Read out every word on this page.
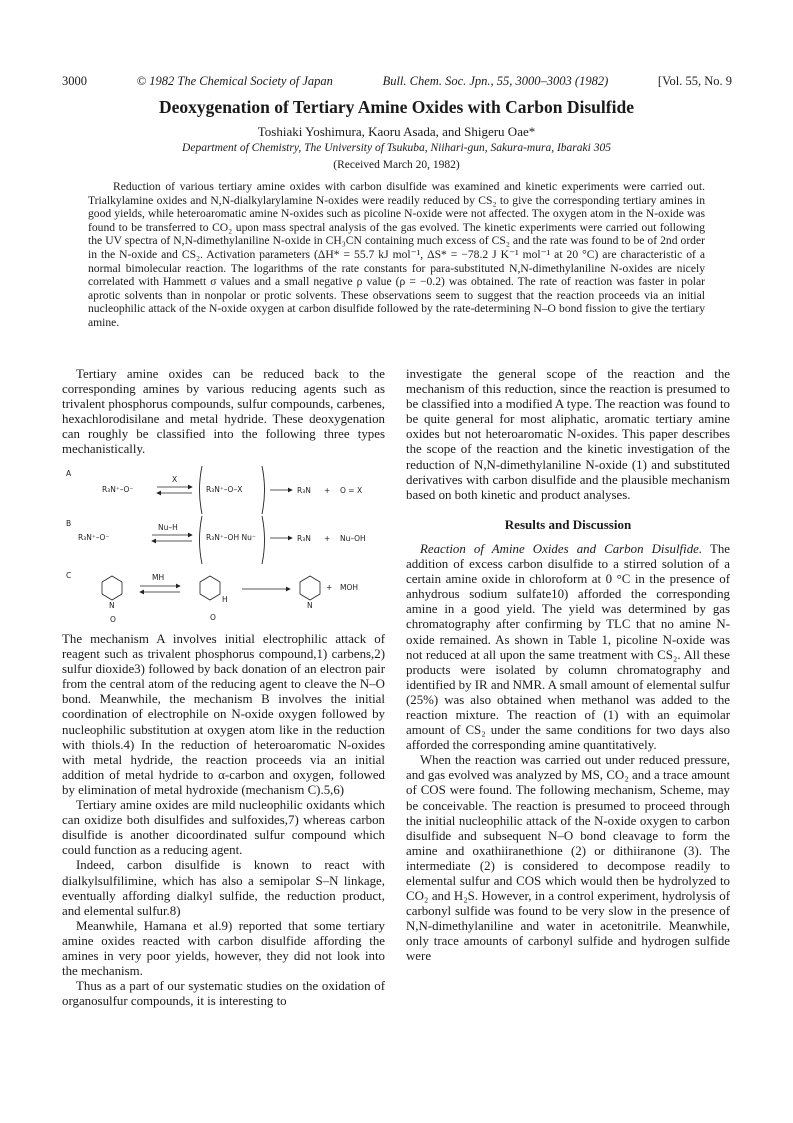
3000	© 1982 The Chemical Society of Japan	Bull. Chem. Soc. Jpn., 55, 3000–3003 (1982)	[Vol. 55, No. 9
Deoxygenation of Tertiary Amine Oxides with Carbon Disulfide
Toshiaki Yoshimura, Kaoru Asada, and Shigeru Oae*
Department of Chemistry, The University of Tsukuba, Niihari-gun, Sakura-mura, Ibaraki 305
(Received March 20, 1982)
Reduction of various tertiary amine oxides with carbon disulfide was examined and kinetic experiments were carried out. Trialkylamine oxides and N,N-dialkylarylamine N-oxides were readily reduced by CS₂ to give the corresponding tertiary amines in good yields, while heteroaromatic amine N-oxides such as picoline N-oxide were not affected. The oxygen atom in the N-oxide was found to be transferred to CO₂ upon mass spectral analysis of the gas evolved. The kinetic experiments were carried out following the UV spectra of N,N-dimethylaniline N-oxide in CH₃CN containing much excess of CS₂ and the rate was found to be of 2nd order in the N-oxide and CS₂. Activation parameters (ΔH* = 55.7 kJ mol⁻¹, ΔS* = −78.2 J K⁻¹ mol⁻¹ at 20 °C) are characteristic of a normal bimolecular reaction. The logarithms of the rate constants for para-substituted N,N-dimethylaniline N-oxides are nicely correlated with Hammett σ values and a small negative ρ value (ρ = −0.2) was obtained. The rate of reaction was faster in polar aprotic solvents than in nonpolar or protic solvents. These observations seem to suggest that the reaction proceeds via an initial nucleophilic attack of the N-oxide oxygen at carbon disulfide followed by the rate-determining N–O bond fission to give the tertiary amine.

Tertiary amine oxides can be reduced back to the corresponding amines by various reducing agents such as trivalent phosphorus compounds, sulfur compounds, carbenes, hexachlorodisilane and metal hydride. These deoxygenation can roughly be classified into the following three types mechanistically.

A
R₃N⁺–O⁻
X
R₃N⁺–O–X	R₃N + O = X
B
R₃N⁺–O⁻
Nu–H
R₃N⁺–OH Nu⁻	R₃N + Nu–OH
C
N
O
MH
H
O
N
+ MOH

The mechanism A involves initial electrophilic attack of reagent such as trivalent phosphorus compound,1) carbens,2) sulfur dioxide3) followed by back donation of an electron pair from the central atom of the reducing agent to cleave the N–O bond. Meanwhile, the mechanism B involves the initial coordination of electrophile on N-oxide oxygen followed by nucleophilic substitution at oxygen atom like in the reduction with thiols.4) In the reduction of heteroaromatic N-oxides with metal hydride, the reaction proceeds via an initial addition of metal hydride to α-carbon and oxygen, followed by elimination of metal hydroxide (mechanism C).5,6)

Tertiary amine oxides are mild nucleophilic oxidants which can oxidize both disulfides and sulfoxides,7) whereas carbon disulfide is another dicoordinated sulfur compound which could function as a reducing agent.

Indeed, carbon disulfide is known to react with dialkylsulfilimine, which has also a semipolar S–N linkage, eventually affording dialkyl sulfide, the reduction product, and elemental sulfur.8)

Meanwhile, Hamana et al.9) reported that some tertiary amine oxides reacted with carbon disulfide affording the amines in very poor yields, however, they did not look into the mechanism.

Thus as a part of our systematic studies on the oxidation of organosulfur compounds, it is interesting to

investigate the general scope of the reaction and the mechanism of this reduction, since the reaction is presumed to be classified into a modified A type. The reaction was found to be quite general for most aliphatic, aromatic tertiary amine oxides but not heteroaromatic N-oxides. This paper describes the scope of the reaction and the kinetic investigation of the reduction of N,N-dimethylaniline N-oxide (1) and substituted derivatives with carbon disulfide and the plausible mechanism based on both kinetic and product analyses.

Results and Discussion

Reaction of Amine Oxides and Carbon Disulfide. The addition of excess carbon disulfide to a stirred solution of a certain amine oxide in chloroform at 0 °C in the presence of anhydrous sodium sulfate10) afforded the corresponding amine in a good yield. The yield was determined by gas chromatography after confirming by TLC that no amine N-oxide remained. As shown in Table 1, picoline N-oxide was not reduced at all upon the same treatment with CS₂. All these products were isolated by column chromatography and identified by IR and NMR. A small amount of elemental sulfur (25%) was also obtained when methanol was added to the reaction mixture. The reaction of (1) with an equimolar amount of CS₂ under the same conditions for two days also afforded the corresponding amine quantitatively.

When the reaction was carried out under reduced pressure, and gas evolved was analyzed by MS, CO₂ and a trace amount of COS were found. The following mechanism, Scheme, may be conceivable. The reaction is presumed to proceed through the initial nucleophilic attack of the N-oxide oxygen to carbon disulfide and subsequent N–O bond cleavage to form the amine and oxathiiranethione (2) or dithiiranone (3). The intermediate (2) is considered to decompose readily to elemental sulfur and COS which would then be hydrolyzed to CO₂ and H₂S. However, in a control experiment, hydrolysis of carbonyl sulfide was found to be very slow in the presence of N,N-dimethylaniline and water in acetonitrile. Meanwhile, only trace amounts of carbonyl sulfide and hydrogen sulfide were
